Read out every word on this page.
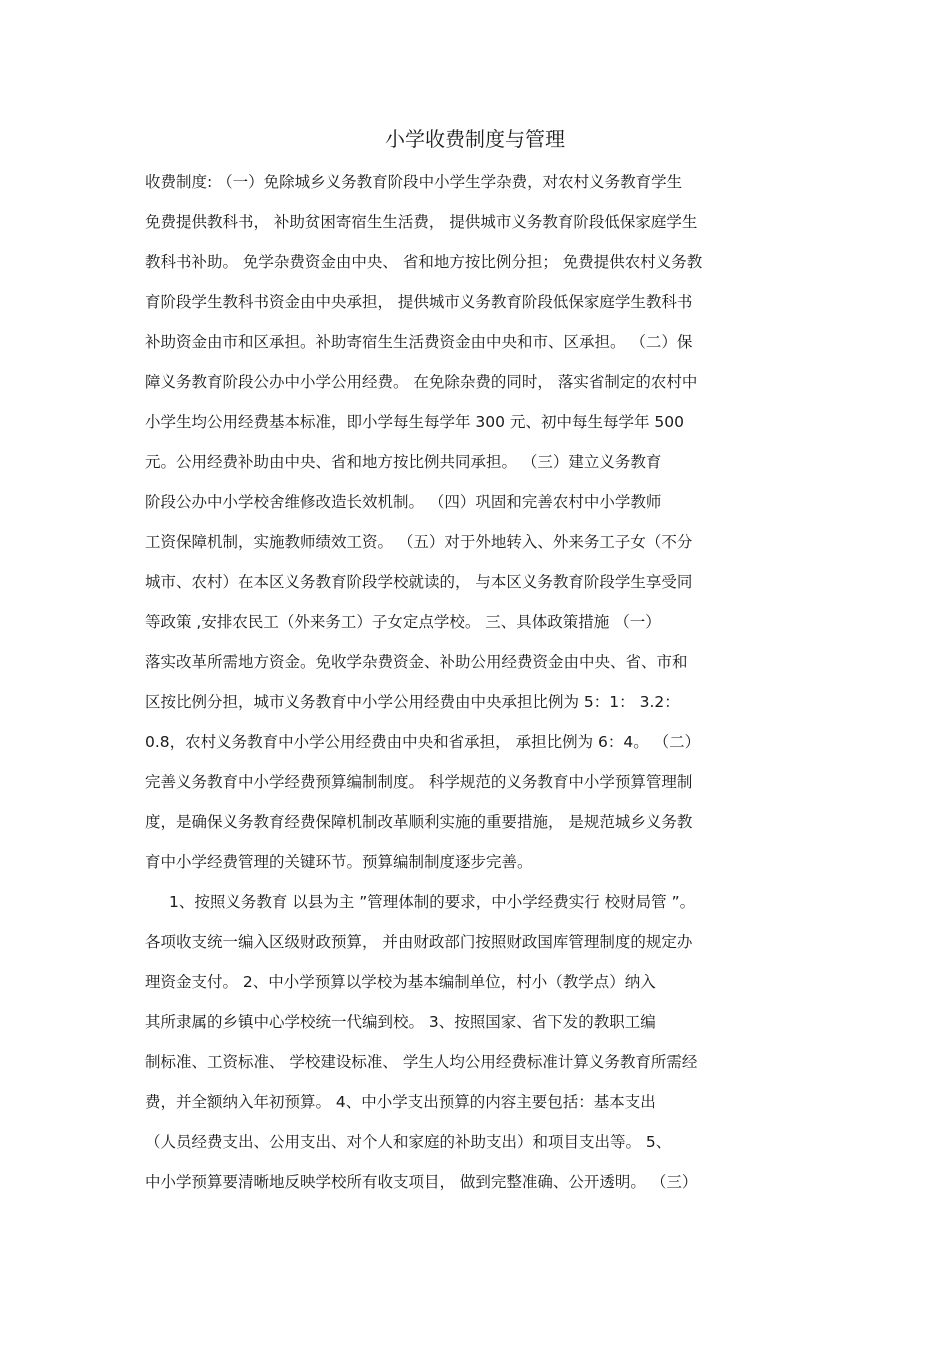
小学收费制度与管理
收费制度: （一）免除城乡义务教育阶段中小学生学杂费，对农村义务教育学生
免费提供教科书， 补助贫困寄宿生生活费， 提供城市义务教育阶段低保家庭学生
教科书补助。 免学杂费资金由中央、 省和地方按比例分担； 免费提供农村义务教
育阶段学生教科书资金由中央承担， 提供城市义务教育阶段低保家庭学生教科书
补助资金由市和区承担。补助寄宿生生活费资金由中央和市、区承担。 （二）保
障义务教育阶段公办中小学公用经费。 在免除杂费的同时， 落实省制定的农村中
小学生均公用经费基本标准，即小学每生每学年 300 元、初中每生每学年 500
元。公用经费补助由中央、省和地方按比例共同承担。 （三）建立义务教育
阶段公办中小学校舍维修改造长效机制。 （四）巩固和完善农村中小学教师
工资保障机制，实施教师绩效工资。 （五）对于外地转入、外来务工子女（不分
城市、农村）在本区义务教育阶段学校就读的， 与本区义务教育阶段学生享受同
等政策 ,安排农民工（外来务工）子女定点学校。 三、具体政策措施 （一）
落实改革所需地方资金。免收学杂费资金、补助公用经费资金由中央、省、市和
区按比例分担，城市义务教育中小学公用经费由中央承担比例为 5：1： 3.2：
0.8，农村义务教育中小学公用经费由中央和省承担， 承担比例为 6：4。 （二）
完善义务教育中小学经费预算编制制度。 科学规范的义务教育中小学预算管理制
度，是确保义务教育经费保障机制改革顺利实施的重要措施， 是规范城乡义务教
育中小学经费管理的关键环节。预算编制制度逐步完善。
1、按照义务教育 以县为主 ”管理体制的要求，中小学经费实行 校财局管 ”。
各项收支统一编入区级财政预算， 并由财政部门按照财政国库管理制度的规定办
理资金支付。 2、中小学预算以学校为基本编制单位，村小（教学点）纳入
其所隶属的乡镇中心学校统一代编到校。 3、按照国家、省下发的教职工编
制标准、工资标准、 学校建设标准、 学生人均公用经费标准计算义务教育所需经
费，并全额纳入年初预算。 4、中小学支出预算的内容主要包括：基本支出
（人员经费支出、公用支出、对个人和家庭的补助支出）和项目支出等。 5、
中小学预算要清晰地反映学校所有收支项目， 做到完整准确、公开透明。 （三）
